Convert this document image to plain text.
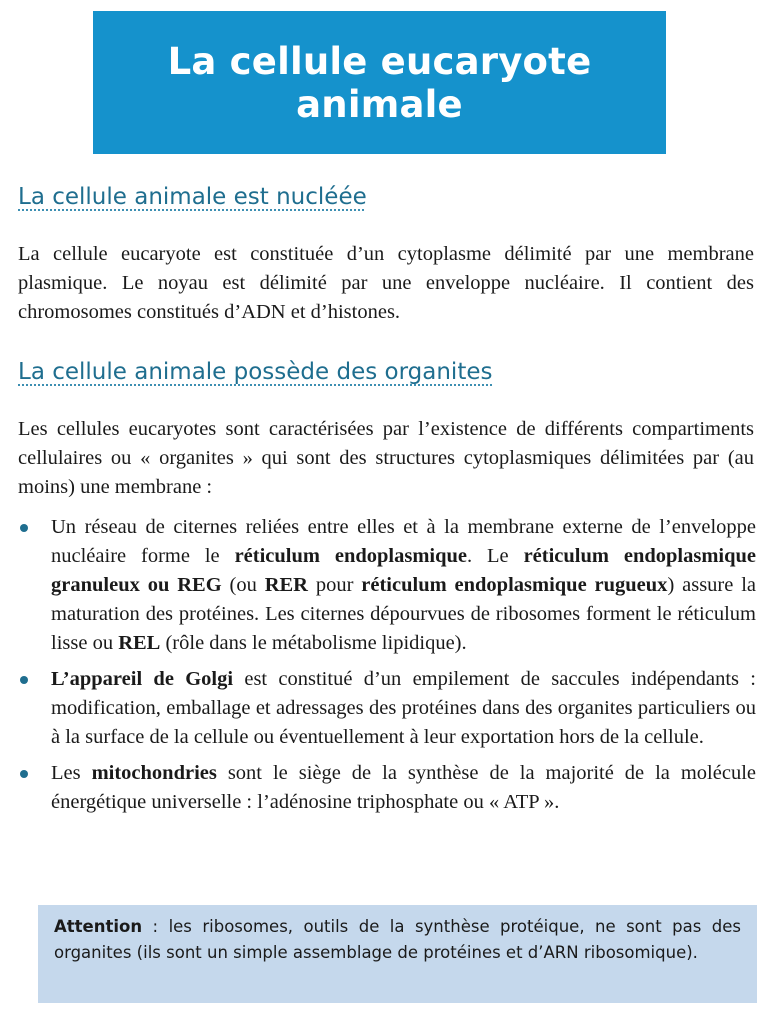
La cellule eucaryote
animale
La cellule animale est nucléée

La cellule eucaryote est constituée d’un cytoplasme délimité par une membrane plasmique. Le noyau est délimité par une enveloppe nucléaire. Il contient des chromosomes constitués d’ADN et d’histones.

La cellule animale possède des organites

Les cellules eucaryotes sont caractérisées par l’existence de différents compartiments cellulaires ou « organites » qui sont des structures cytoplasmiques délimitées par (au moins) une membrane :

Un réseau de citernes reliées entre elles et à la membrane externe de l’enveloppe nucléaire forme le réticulum endoplasmique. Le réticulum endoplasmique granuleux ou REG (ou RER pour réticulum endoplasmique rugueux) assure la maturation des protéines. Les citernes dépourvues de ribosomes forment le réticulum lisse ou REL (rôle dans le métabolisme lipidique).
L’appareil de Golgi est constitué d’un empilement de saccules indépendants : modification, emballage et adressages des protéines dans des organites particuliers ou à la surface de la cellule ou éventuellement à leur exportation hors de la cellule.
Les mitochondries sont le siège de la synthèse de la majorité de la molécule énergétique universelle : l’adénosine triphosphate ou « ATP ».
Attention : les ribosomes, outils de la synthèse protéique, ne sont pas des organites (ils sont un simple assemblage de protéines et d’ARN ribosomique).
